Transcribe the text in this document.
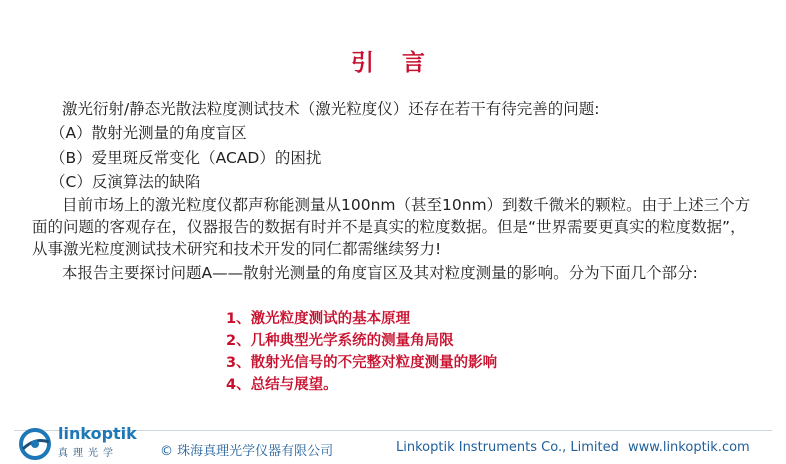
引 言
激光衍射/静态光散法粒度测试技术（激光粒度仪）还存在若干有待完善的问题:
（A）散射光测量的角度盲区
（B）爱里斑反常变化（ACAD）的困扰
（C）反演算法的缺陷
目前市场上的激光粒度仪都声称能测量从100nm（甚至10nm）到数千微米的颗粒。由于上述三个方面的问题的客观存在，仪器报告的数据有时并不是真实的粒度数据。但是“世界需要更真实的粒度数据”，从事激光粒度测试技术研究和技术开发的同仁都需继续努力!
本报告主要探讨问题A——散射光测量的角度盲区及其对粒度测量的影响。分为下面几个部分:
1、激光粒度测试的基本原理
2、几种典型光学系统的测量角局限
3、散射光信号的不完整对粒度测量的影响
4、总结与展望。
linkoptik
真理光学	© 珠海真理光学仪器有限公司	Linkoptik Instruments Co., Limited www.linkoptik.com
